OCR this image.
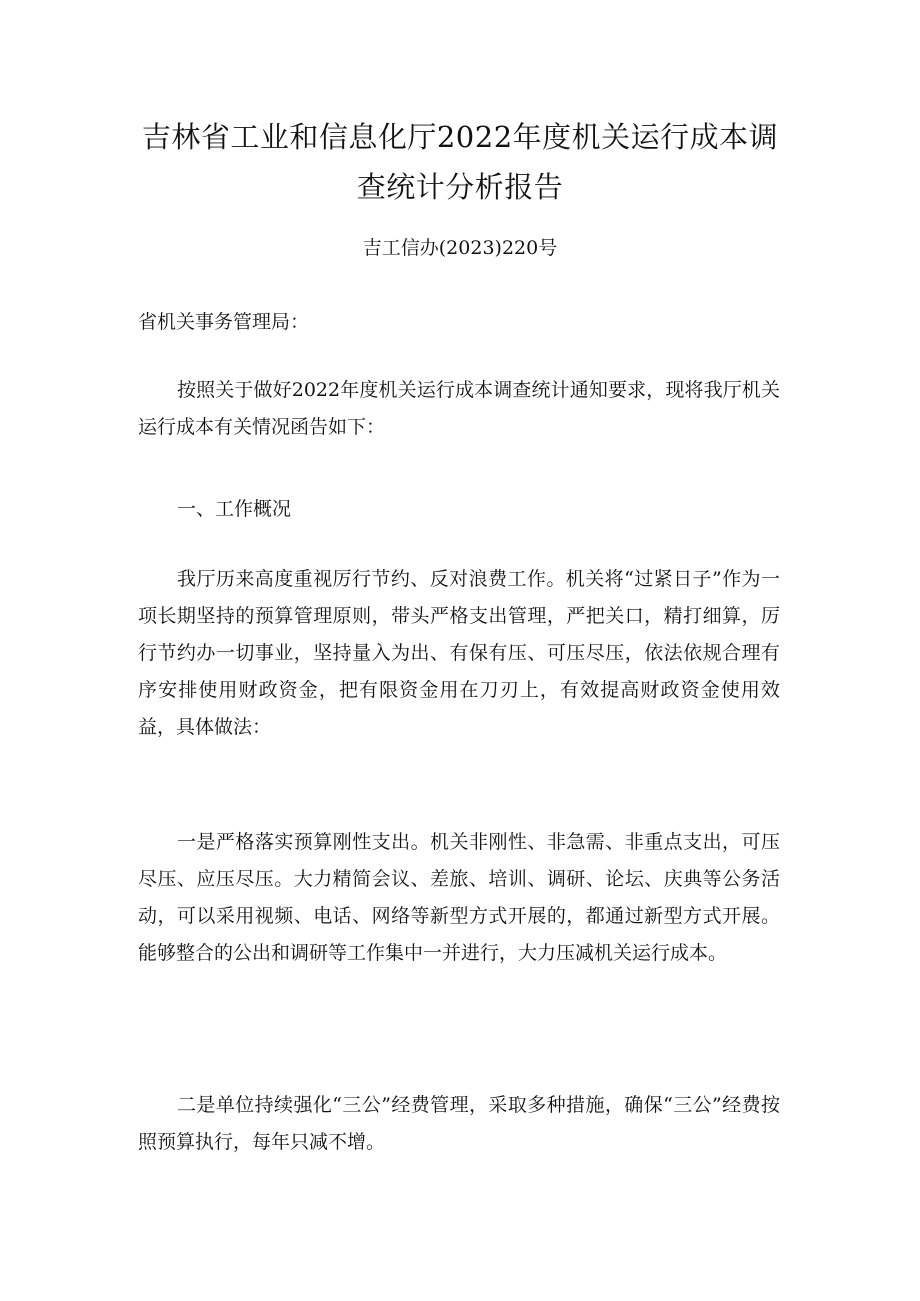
吉林省工业和信息化厅2022年度机关运行成本调
查统计分析报告
吉工信办(2023)220号

省机关事务管理局：

按照关于做好2022年度机关运行成本调查统计通知要求，现将我厅机关运行成本有关情况函告如下：

一、工作概况

我厅历来高度重视厉行节约、反对浪费工作。机关将“过紧日子”作为一项长期坚持的预算管理原则，带头严格支出管理，严把关口，精打细算，厉行节约办一切事业，坚持量入为出、有保有压、可压尽压，依法依规合理有序安排使用财政资金，把有限资金用在刀刃上，有效提高财政资金使用效益，具体做法：

一是严格落实预算刚性支出。机关非刚性、非急需、非重点支出，可压尽压、应压尽压。大力精简会议、差旅、培训、调研、论坛、庆典等公务活动，可以采用视频、电话、网络等新型方式开展的，都通过新型方式开展。能够整合的公出和调研等工作集中一并进行，大力压减机关运行成本。

二是单位持续强化“三公”经费管理，采取多种措施，确保“三公”经费按照预算执行，每年只减不增。
